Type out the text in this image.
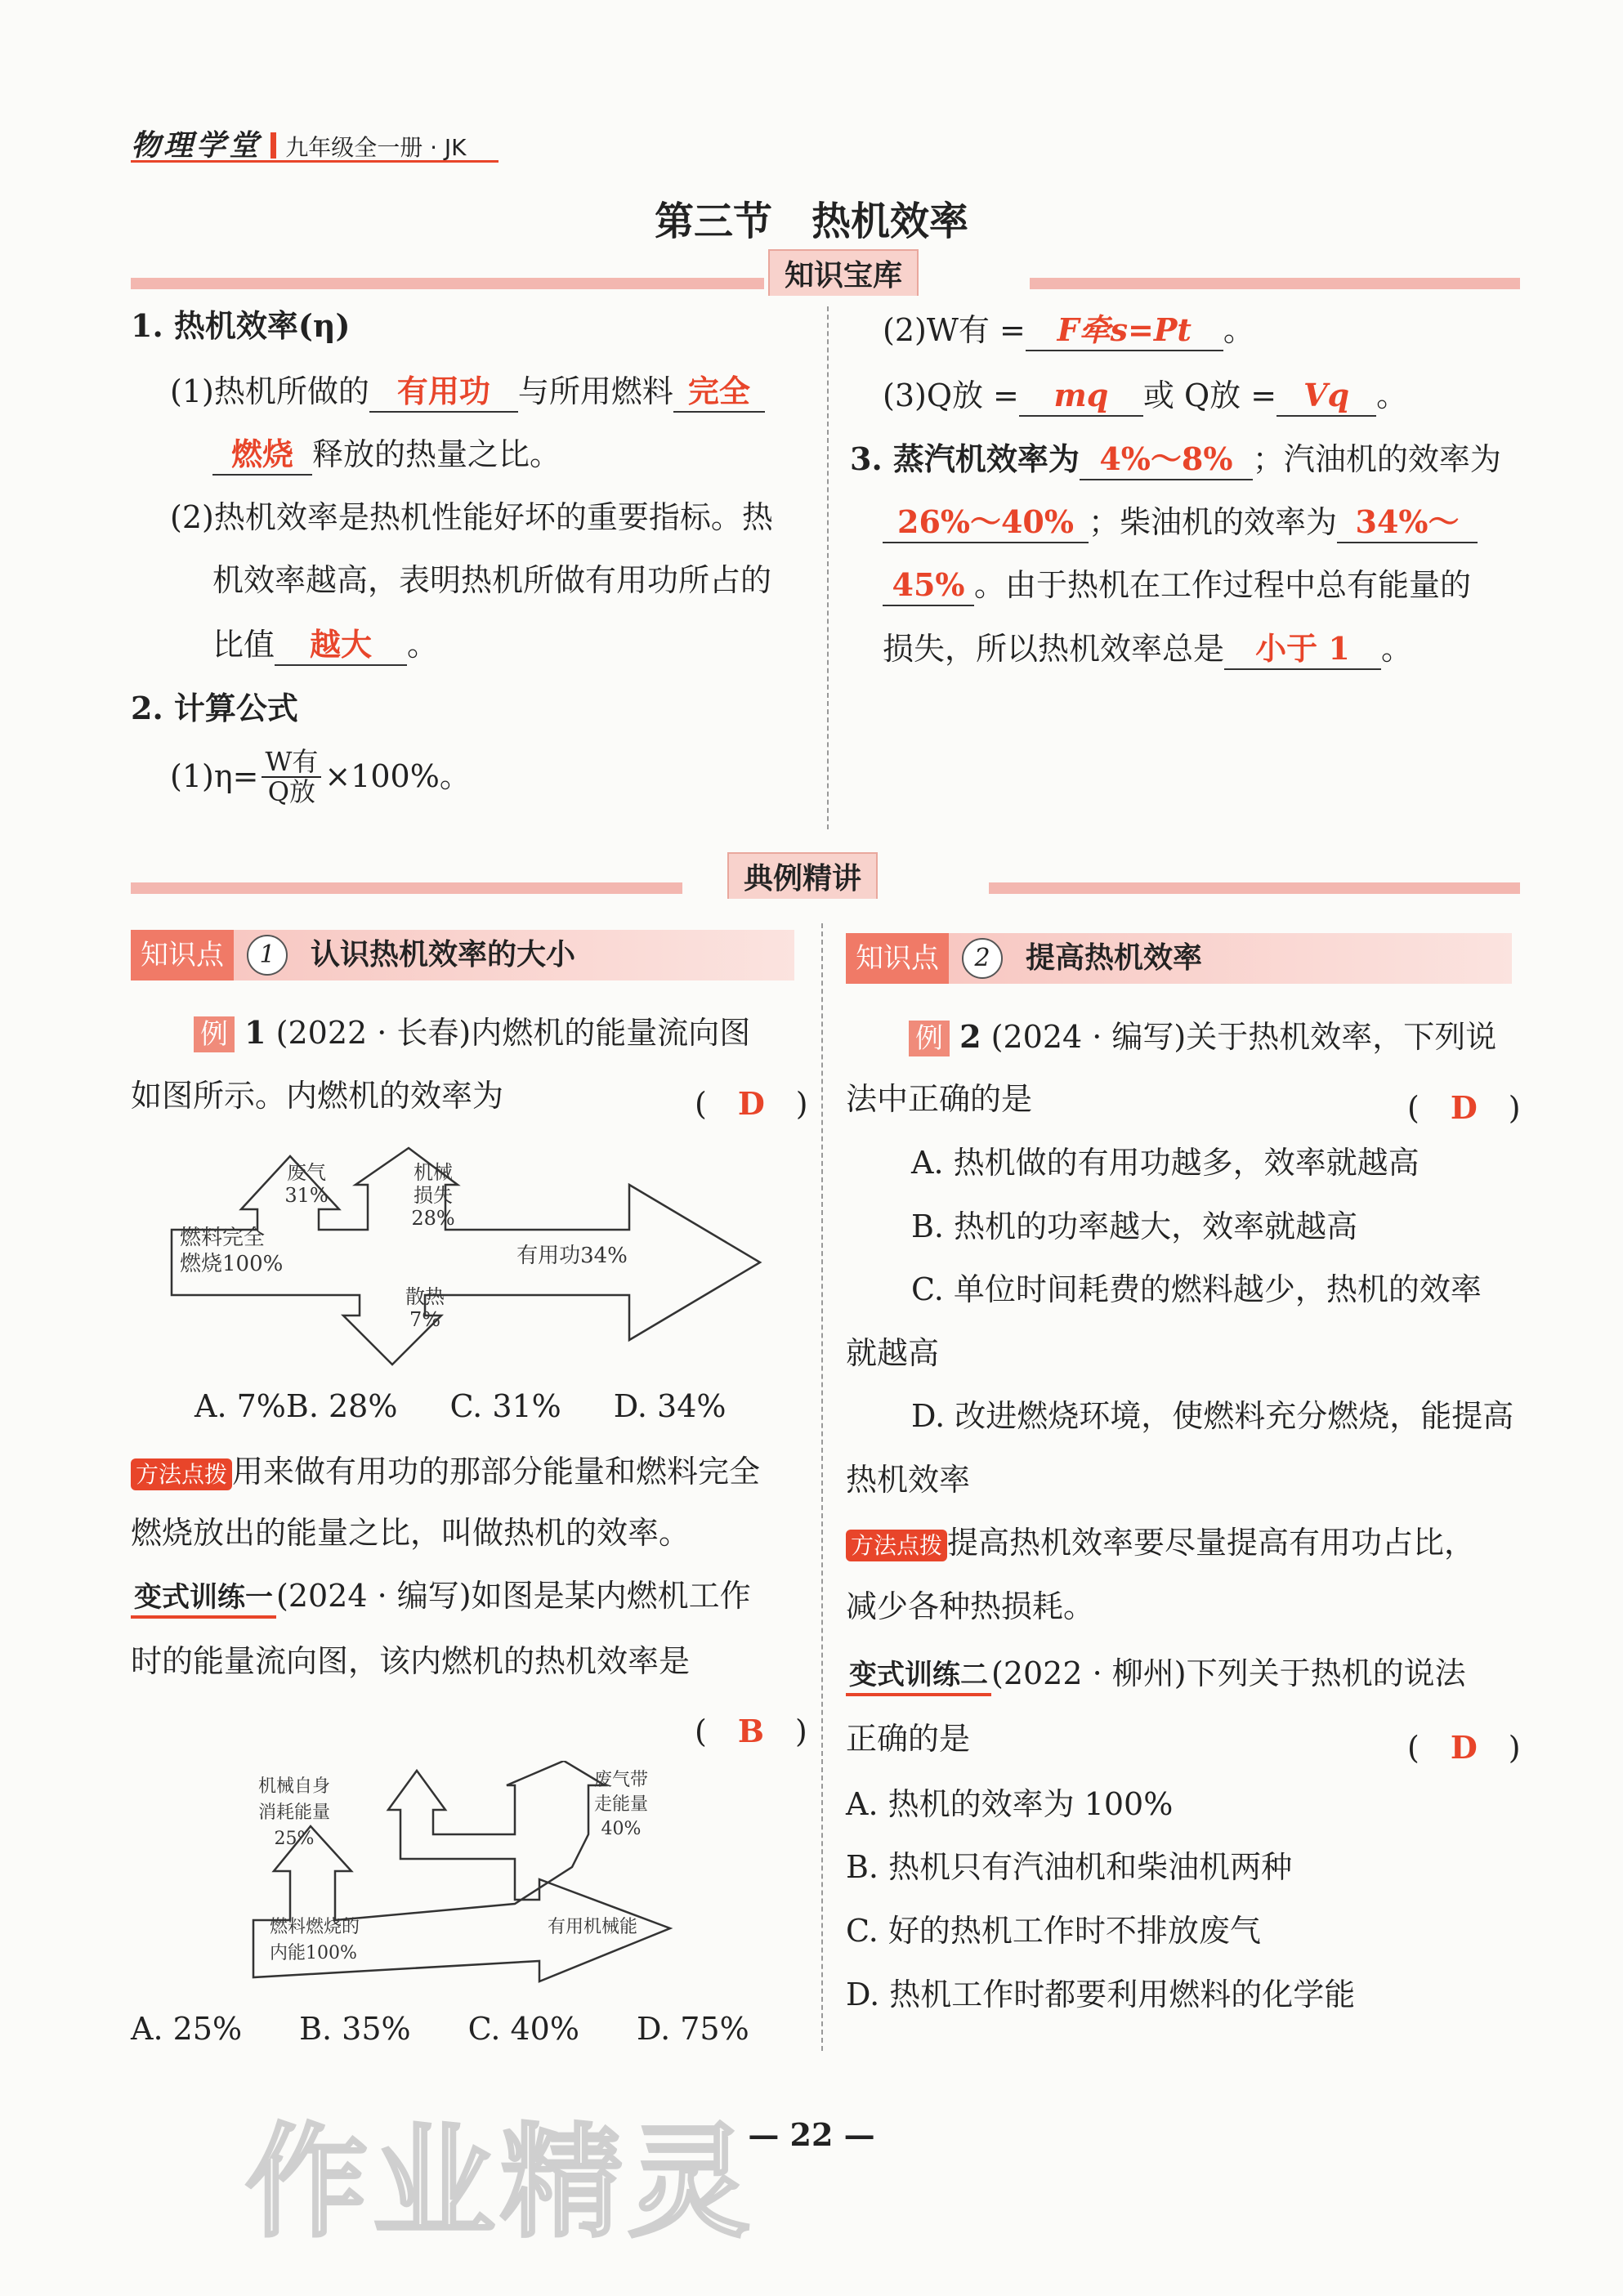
物理学堂 九年级全一册 · JK
第三节　热机效率
知识宝库
1. 热机效率(η)
(1)热机所做的 有用功 与所用燃料 完全
燃烧 释放的热量之比。
(2)热机效率是热机性能好坏的重要指标。热
机效率越高，表明热机所做有用功所占的
比值 越大 。
2. 计算公式
(1)η= W有
Q放 ×100%。
(2)W有 = F牵s=Pt 。
(3)Q放 = mq 或 Q放 = Vq 。
3. 蒸汽机效率为 4%～8% ；汽油机的效率为
26%～40% ；柴油机的效率为 34%～
45% 。由于热机在工作过程中总有能量的
损失，所以热机效率总是 小于 1 。
典例精讲
知识点	1	认识热机效率的大小	知识点	2	提高热机效率
例 1 (2022 · 长春)内燃机的能量流向图
如图所示。内燃机的效率为	(　D　)
燃料完全燃烧100%
废气 31%
机械损失 28%
有用功34%
散热 7%
A. 7%B. 28% C. 31% D. 34%
方法点拨 用来做有用功的那部分能量和燃料完全
燃烧放出的能量之比，叫做热机的效率。
变式训练一 (2024 · 编写)如图是某内燃机工作
时的能量流向图，该内燃机的热机效率是
(　B　)
机械自身消耗能量 25%
废气带走能量 40%
燃料燃烧的内能100%
有用机械能
A. 25% B. 35% C. 40% D. 75%
例 2 (2024 · 编写)关于热机效率，下列说
法中正确的是	(　D　)
A. 热机做的有用功越多，效率就越高
B. 热机的功率越大，效率就越高
C. 单位时间耗费的燃料越少，热机的效率
就越高
D. 改进燃烧环境，使燃料充分燃烧，能提高
热机效率
方法点拨 提高热机效率要尽量提高有用功占比，
减少各种热损耗。
变式训练二 (2022 · 柳州)下列关于热机的说法
正确的是	(　D　)
A. 热机的效率为 100%
B. 热机只有汽油机和柴油机两种
C. 好的热机工作时不排放废气
D. 热机工作时都要利用燃料的化学能
作业精灵
— 22 —
